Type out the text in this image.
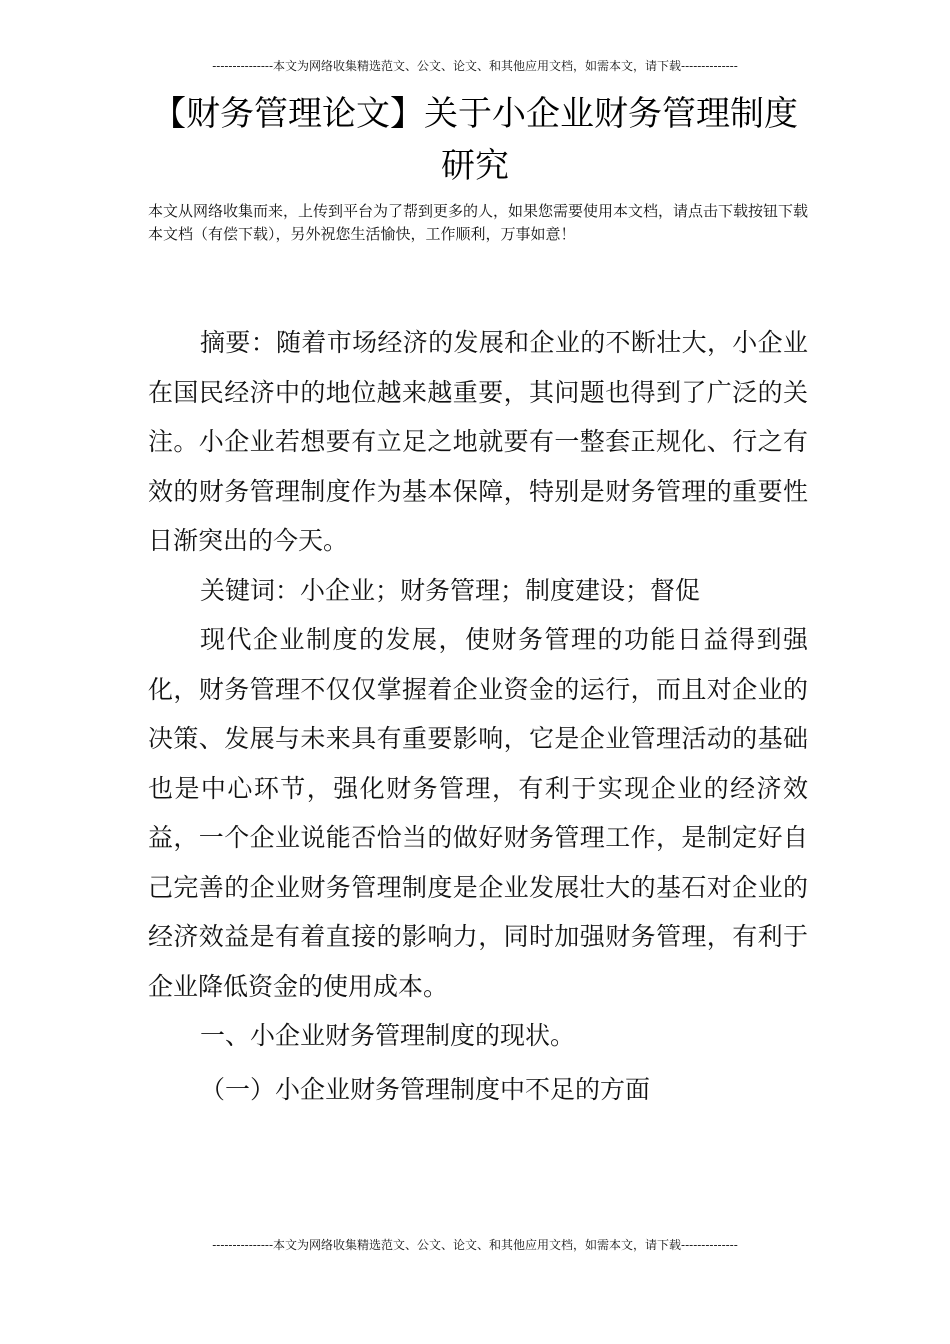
---------------本文为网络收集精选范文、公文、论文、和其他应用文档，如需本文，请下载--------------
【财务管理论文】关于小企业财务管理制度研究

本文从网络收集而来，上传到平台为了帮到更多的人，如果您需要使用本文档，请点击下载按钮下载本文档（有偿下载），另外祝您生活愉快，工作顺利，万事如意！

摘要：随着市场经济的发展和企业的不断壮大，小企业在国民经济中的地位越来越重要，其问题也得到了广泛的关注。小企业若想要有立足之地就要有一整套正规化、行之有效的财务管理制度作为基本保障，特别是财务管理的重要性日渐突出的今天。

关键词：小企业；财务管理；制度建设；督促

现代企业制度的发展，使财务管理的功能日益得到强化，财务管理不仅仅掌握着企业资金的运行，而且对企业的决策、发展与未来具有重要影响，它是企业管理活动的基础也是中心环节，强化财务管理，有利于实现企业的经济效益，一个企业说能否恰当的做好财务管理工作，是制定好自己完善的企业财务管理制度是企业发展壮大的基石对企业的经济效益是有着直接的影响力，同时加强财务管理，有利于企业降低资金的使用成本。

一、小企业财务管理制度的现状。

（一）小企业财务管理制度中不足的方面

---------------本文为网络收集精选范文、公文、论文、和其他应用文档，如需本文，请下载--------------
